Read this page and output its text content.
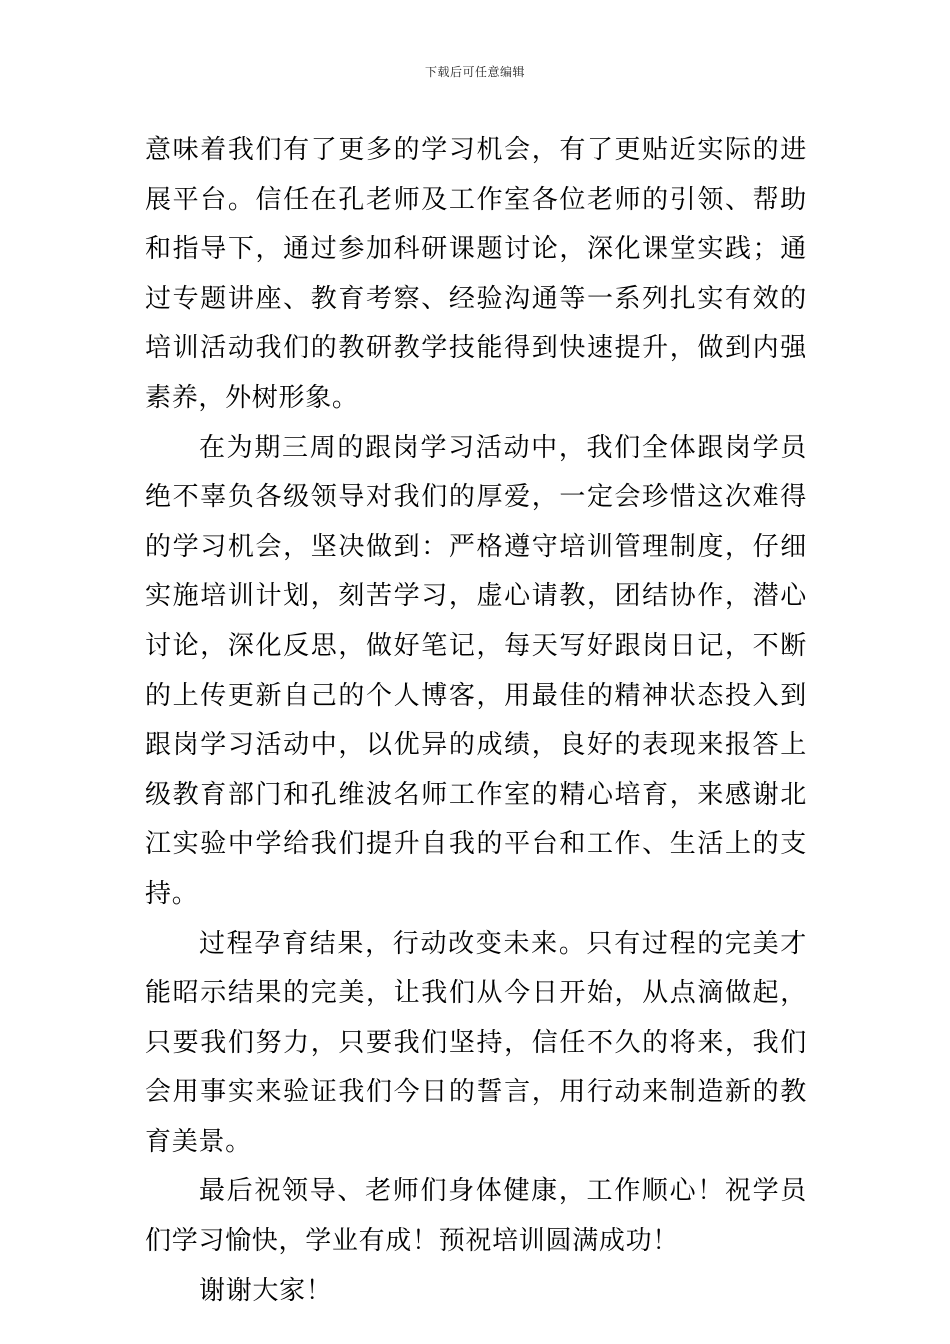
下载后可任意编辑

意味着我们有了更多的学习机会，有了更贴近实际的进展平台。信任在孔老师及工作室各位老师的引领、帮助和指导下，通过参加科研课题讨论，深化课堂实践；通过专题讲座、教育考察、经验沟通等一系列扎实有效的培训活动我们的教研教学技能得到快速提升，做到内强素养，外树形象。

在为期三周的跟岗学习活动中，我们全体跟岗学员绝不辜负各级领导对我们的厚爱，一定会珍惜这次难得的学习机会，坚决做到：严格遵守培训管理制度，仔细实施培训计划，刻苦学习，虚心请教，团结协作，潜心讨论，深化反思，做好笔记，每天写好跟岗日记，不断的上传更新自己的个人博客，用最佳的精神状态投入到跟岗学习活动中，以优异的成绩，良好的表现来报答上级教育部门和孔维波名师工作室的精心培育，来感谢北江实验中学给我们提升自我的平台和工作、生活上的支持。

过程孕育结果，行动改变未来。只有过程的完美才能昭示结果的完美，让我们从今日开始，从点滴做起，只要我们努力，只要我们坚持，信任不久的将来，我们会用事实来验证我们今日的誓言，用行动来制造新的教育美景。

最后祝领导、老师们身体健康，工作顺心！祝学员们学习愉快，学业有成！预祝培训圆满成功！

谢谢大家！
